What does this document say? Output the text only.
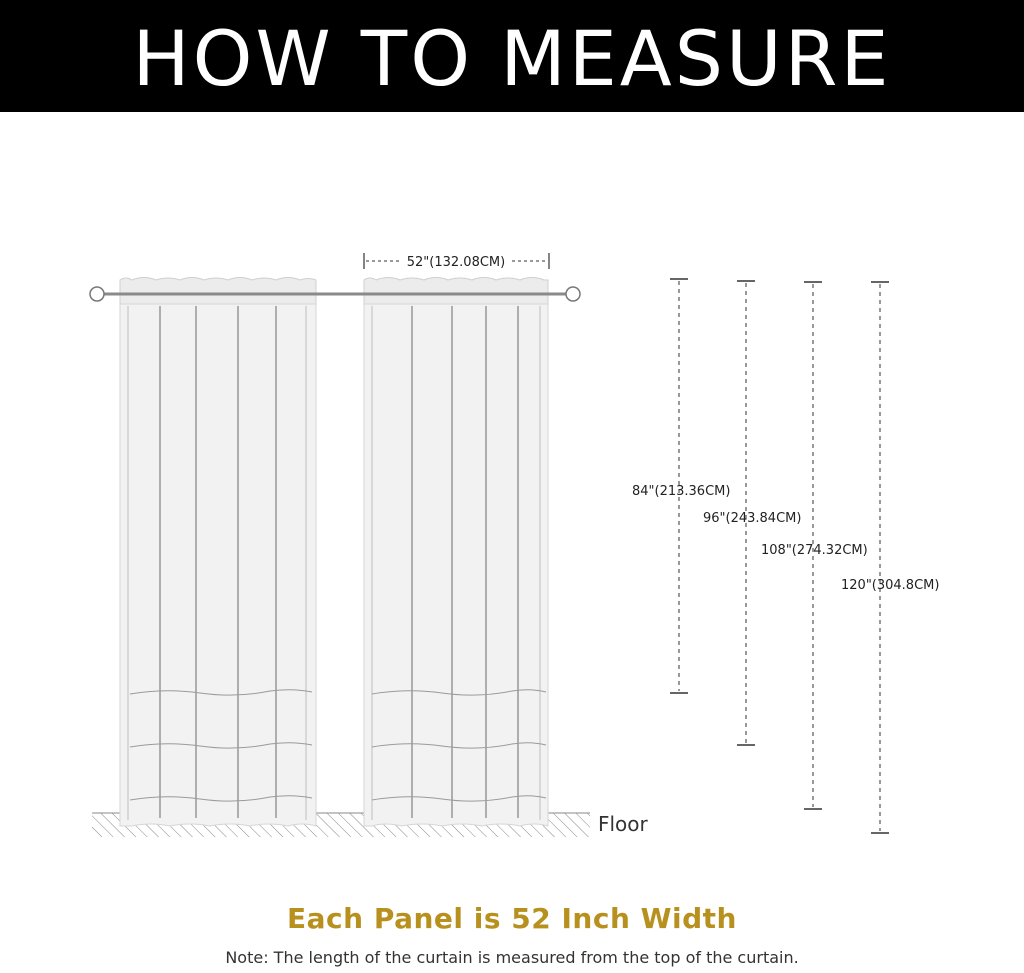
HOW TO MEASURE
52"(132.08CM)
84"(213.36CM)
96"(243.84CM)
108"(274.32CM)
120"(304.8CM)
Floor
Each Panel is 52 Inch Width
Note: The length of the curtain is measured from the top of the curtain.
